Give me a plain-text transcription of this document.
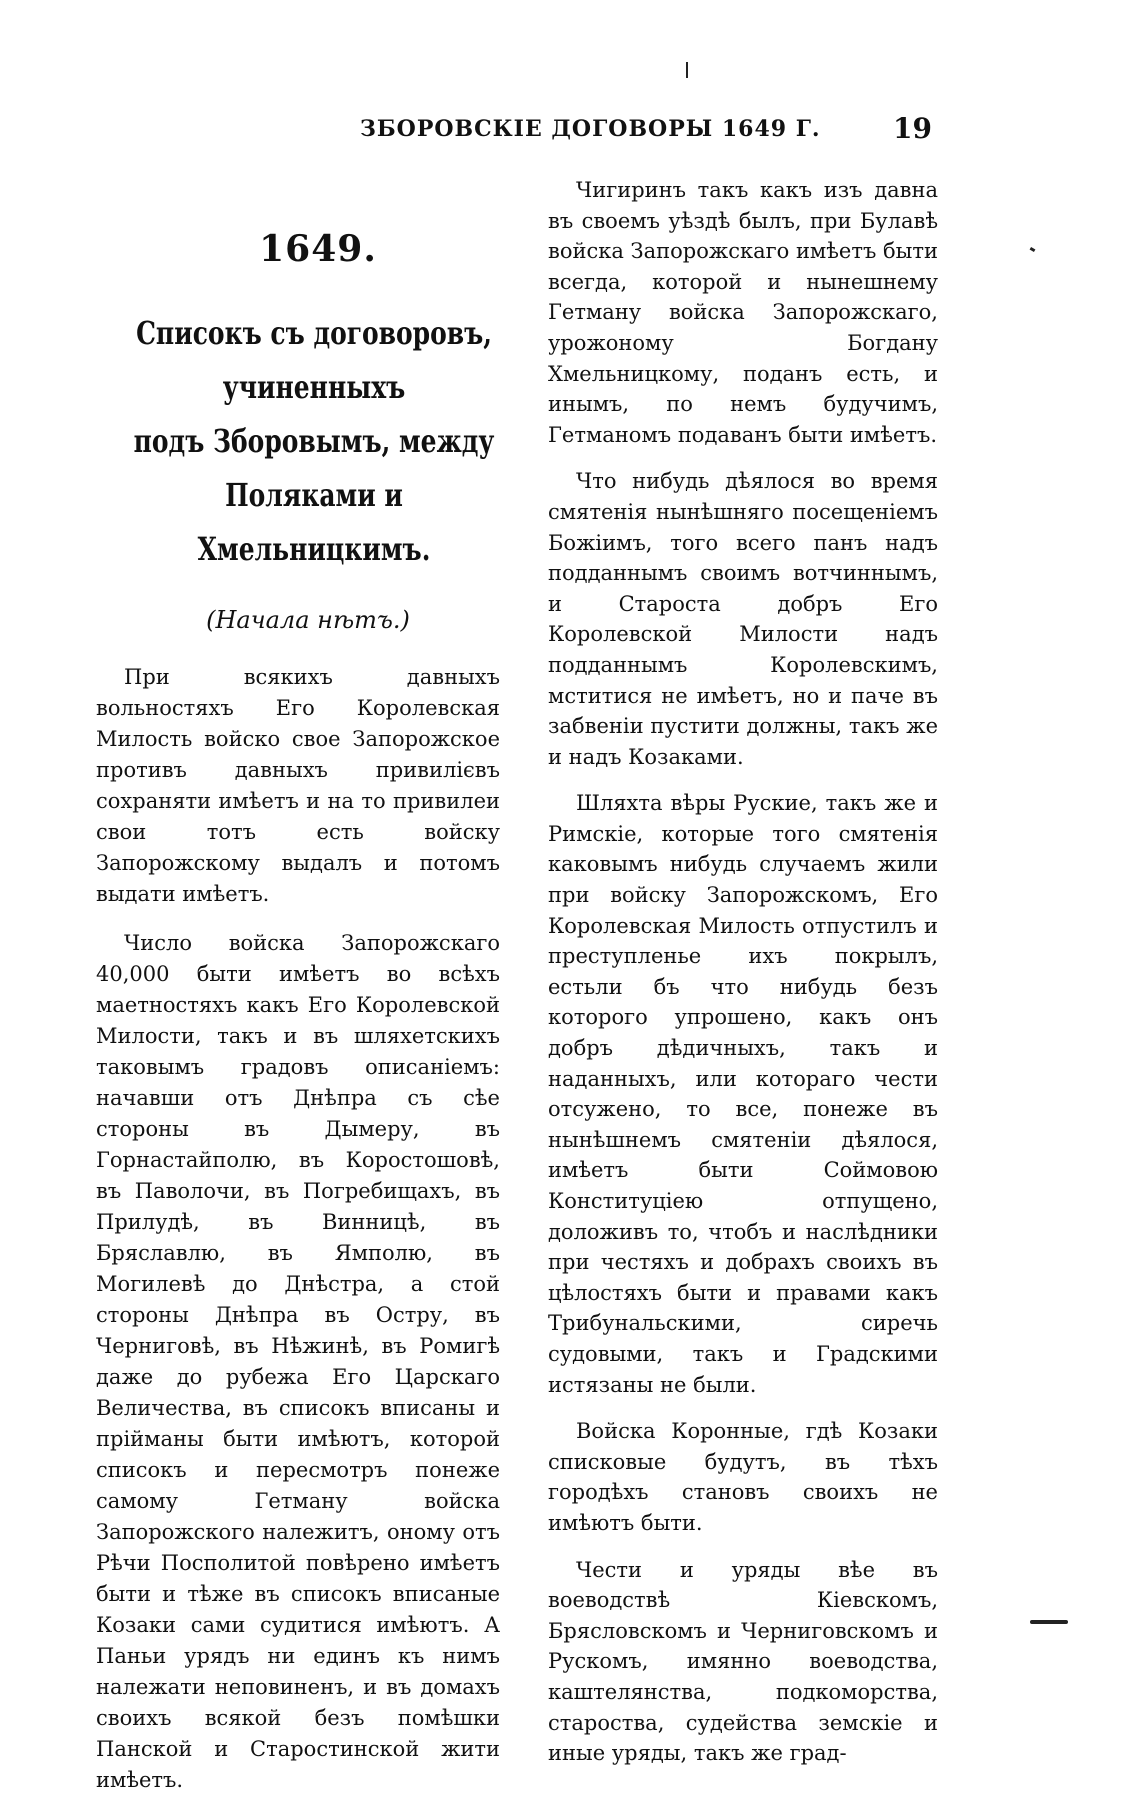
ЗБОРОВСКІЕ ДОГОВОРЫ 1649 Г.	19
1649.
Списокъ съ договоровъ, учиненныхъ
подъ Зборовымъ, между Поляками и
Хмельницкимъ.
(Начала нѣтъ.)

При всякихъ давныхъ вольностяхъ Его Королевская Милость войско свое Запорожское противъ давныхъ привилієвъ сохраняти имѣетъ и на то привилеи свои тотъ есть войску Запорожскому выдалъ и потомъ выдати имѣетъ.

Число войска Запорожскаго 40,000 быти имѣетъ во всѣхъ маетностяхъ какъ Его Королевской Милости, такъ и въ шляхетскихъ таковымъ градовъ описаніемъ: начавши отъ Днѣпра съ сѣе стороны въ Дымеру, въ Горнастайполю, въ Коростошовѣ, въ Паволочи, въ Погребищахъ, въ Прилудѣ, въ Винницѣ, въ Бряславлю, въ Ямполю, въ Могилевѣ до Днѣстра, а стой стороны Днѣпра въ Остру, въ Черниговѣ, въ Нѣжинѣ, въ Ромигѣ даже до рубежа Его Царскаго Величества, въ списокъ вписаны и прійманы быти имѣютъ, которой списокъ и пересмотръ понеже самому Гетману войска Запорожского належитъ, оному отъ Рѣчи Посполитой повѣрено имѣетъ быти и тѣже въ списокъ вписаные Козаки сами судитися имѣютъ. А Паньи урядъ ни единъ къ нимъ належати неповиненъ, и въ домахъ своихъ всякой безъ помѣшки Панской и Старостинской жити имѣетъ.

Чигиринъ такъ какъ изъ давна въ своемъ уѣздѣ былъ, при Булавѣ войска Запорожскаго имѣетъ быти всегда, которой и нынешнему Гетману войска Запорожскаго, урожоному Богдану Хмельницкому, поданъ есть, и инымъ, по немъ будучимъ, Гетманомъ подаванъ быти имѣетъ.

Что нибудь дѣялося во время смятенія нынѣшняго посещеніемъ Божіимъ, того всего панъ надъ подданнымъ своимъ вотчиннымъ, и Староста добръ Его Королевской Милости надъ подданнымъ Королевскимъ, мститися не имѣетъ, но и паче въ забвеніи пустити должны, такъ же и надъ Козаками.

Шляхта вѣры Руские, такъ же и Римскіе, которые того смятенія каковымъ нибудь случаемъ жили при войску Запорожскомъ, Его Королевская Милость отпустилъ и преступленье ихъ покрылъ, естьли бъ что нибудь безъ которого упрошено, какъ онъ добръ дѣдичныхъ, такъ и наданныхъ, или котораго чести отсужено, то все, понеже въ нынѣшнемъ смятеніи дѣялося, имѣетъ быти Соймовою Конституціею отпущено, доложивъ то, чтобъ и наслѣдники при честяхъ и добрахъ своихъ въ цѣлостяхъ быти и правами какъ Трибунальскими, сиречь судовыми, такъ и Градскими истязаны не были.

Войска Коронные, гдѣ Козаки списковые будутъ, въ тѣхъ городѣхъ становъ своихъ не имѣютъ быти.

Чести и уряды вѣе въ воеводствѣ Кіевскомъ, Брясловскомъ и Черниговскомъ и Рускомъ, имянно воеводства, каштелянства, подкоморства, староства, судейства земскіе и иные уряды, такъ же град-
